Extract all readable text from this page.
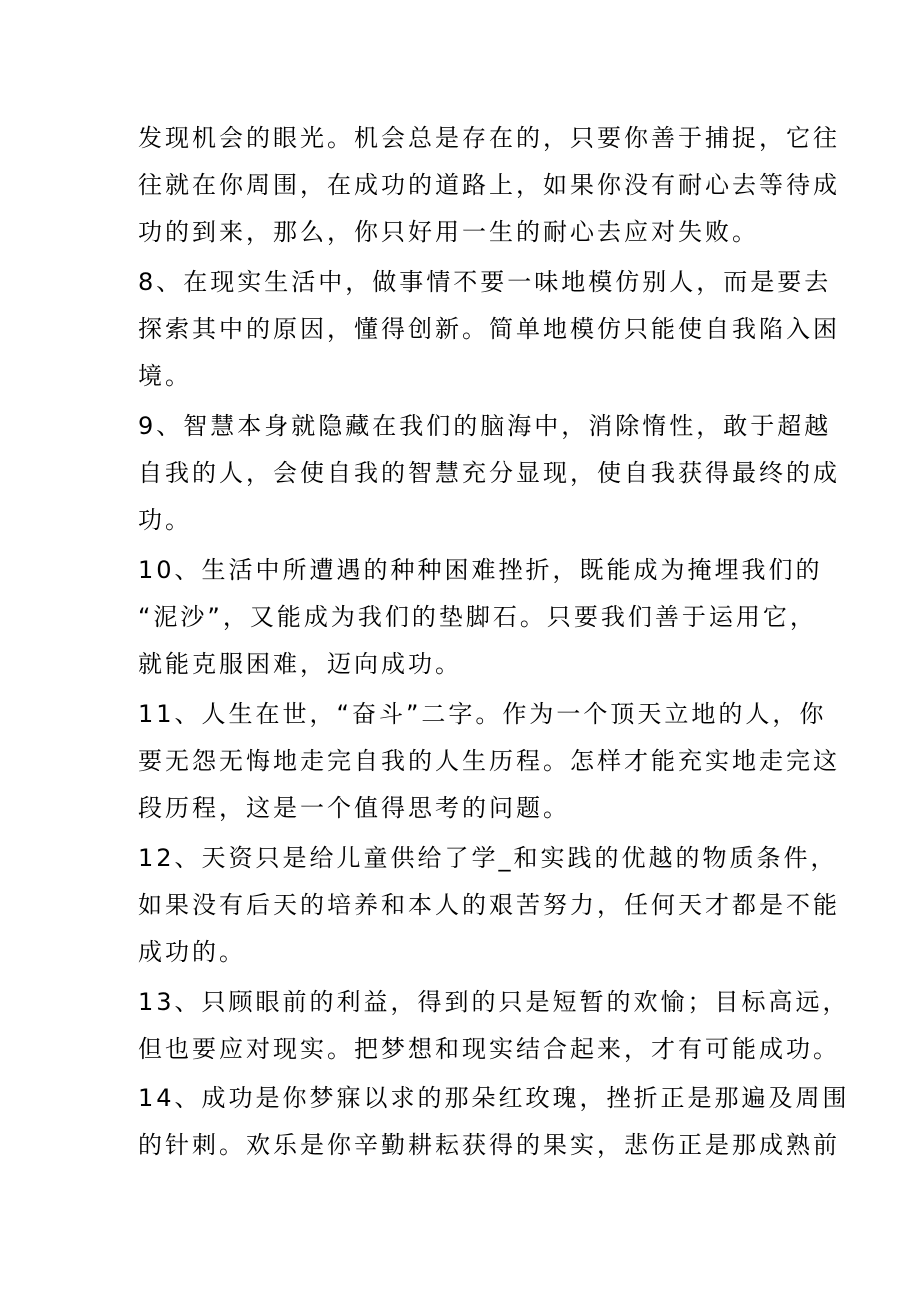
发现机会的眼光。机会总是存在的，只要你善于捕捉，它往
往就在你周围，在成功的道路上，如果你没有耐心去等待成
功的到来，那么，你只好用一生的耐心去应对失败。
8、在现实生活中，做事情不要一味地模仿别人，而是要去
探索其中的原因，懂得创新。简单地模仿只能使自我陷入困
境。
9、智慧本身就隐藏在我们的脑海中，消除惰性，敢于超越
自我的人，会使自我的智慧充分显现，使自我获得最终的成
功。
10、生活中所遭遇的种种困难挫折，既能成为掩埋我们的
“泥沙”，又能成为我们的垫脚石。只要我们善于运用它，
就能克服困难，迈向成功。
11、人生在世，“奋斗”二字。作为一个顶天立地的人，你
要无怨无悔地走完自我的人生历程。怎样才能充实地走完这
段历程，这是一个值得思考的问题。
12、天资只是给儿童供给了学_和实践的优越的物质条件，
如果没有后天的培养和本人的艰苦努力，任何天才都是不能
成功的。
13、只顾眼前的利益，得到的只是短暂的欢愉；目标高远，
但也要应对现实。把梦想和现实结合起来，才有可能成功。
14、成功是你梦寐以求的那朵红玫瑰，挫折正是那遍及周围
的针刺。欢乐是你辛勤耕耘获得的果实，悲伤正是那成熟前
